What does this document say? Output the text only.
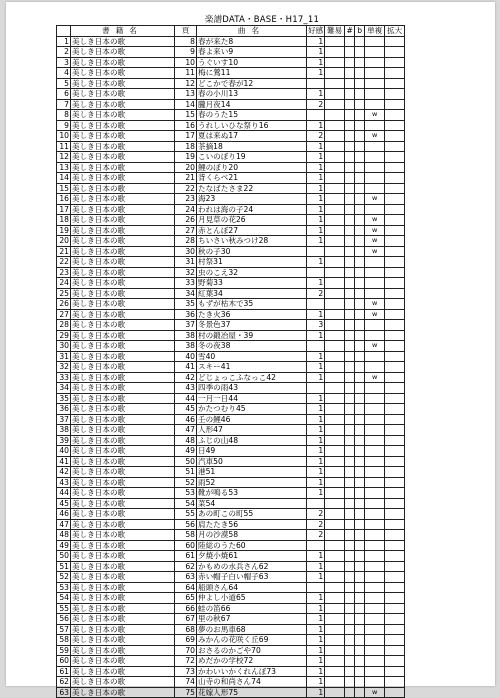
楽譜DATA・BASE・H17_11
	書籍名	頁	曲名	好感	難易	#	b	単複	拡大
1	美しき日本の歌	8	春が来た8	1					
2	美しき日本の歌	9	春よ来い9	1					
3	美しき日本の歌	10	うぐいす10	1					
4	美しき日本の歌	11	梅に鶯11	1					
5	美しき日本の歌	12	どこかで春が12						
6	美しき日本の歌	13	春の小川13	1					
7	美しき日本の歌	14	朧月夜14	2					
8	美しき日本の歌	15	春のうた15					w	
9	美しき日本の歌	16	うれしいひな祭り16	1					
10	美しき日本の歌	17	夏は来ぬ17	2				w	
11	美しき日本の歌	18	茶摘18	1					
12	美しき日本の歌	19	こいのぼり19	1					
13	美しき日本の歌	20	鯉のぼり20	1					
14	美しき日本の歌	21	背くらべ21	1					
15	美しき日本の歌	22	たなばたさま22	1					
16	美しき日本の歌	23	海23	1				w	
17	美しき日本の歌	24	われは海の子24	1					
18	美しき日本の歌	26	月見草の花26	1				w	
19	美しき日本の歌	27	赤とんぼ27	1				w	
20	美しき日本の歌	28	ちいさい秋みつけ28	1				w	
21	美しき日本の歌	30	秋の子30					w	
22	美しき日本の歌	31	村祭31	1					
23	美しき日本の歌	32	虫のこえ32						
24	美しき日本の歌	33	野菊33	1					
25	美しき日本の歌	34	紅葉34	2					
26	美しき日本の歌	35	もずが枯木で35					w	
27	美しき日本の歌	36	たき火36	1				w	
28	美しき日本の歌	37	冬景色37	3					
29	美しき日本の歌	38	村の鍛冶屋・39	1					
30	美しき日本の歌	38	冬の夜38					w	
31	美しき日本の歌	40	雪40	1					
32	美しき日本の歌	41	スキー41	1					
33	美しき日本の歌	42	どじょっこふなっこ42	1				w	
34	美しき日本の歌	43	四季の雨43						
35	美しき日本の歌	44	一月一日44	1					
36	美しき日本の歌	45	かたつむり45	1					
37	美しき日本の歌	46	壬の鯉46	1					
38	美しき日本の歌	47	人形47	1					
39	美しき日本の歌	48	ふじの山48	1					
40	美しき日本の歌	49	日49	1					
41	美しき日本の歌	50	汽車50	1					
42	美しき日本の歌	51	港51	1					
43	美しき日本の歌	52	雨52	1					
44	美しき日本の歌	53	靴が鳴る53	1					
45	美しき日本の歌	54	菜54						
46	美しき日本の歌	55	あの町この町55	2					
47	美しき日本の歌	56	肩たたき56	2					
48	美しき日本の歌	58	月の沙漠58	2					
49	美しき日本の歌	60	陸総のうた60						
50	美しき日本の歌	61	夕焼小焼61	1					
51	美しき日本の歌	62	かもめの水兵さん62	1					
52	美しき日本の歌	63	赤い帽子白い帽子63	1					
53	美しき日本の歌	64	船頭さん64						
54	美しき日本の歌	65	仲よし小道65	1					
55	美しき日本の歌	66	蛙の笛66	1					
56	美しき日本の歌	67	里の秋67	1					
57	美しき日本の歌	68	夢のお馬車68	1					
58	美しき日本の歌	69	みかんの花咲く丘69	1					
59	美しき日本の歌	70	おさるのかごや70	1					
60	美しき日本の歌	72	めだかの学校72	1					
61	美しき日本の歌	73	かわいいかくれんぼ73	1					
62	美しき日本の歌	74	山寺の和尚さん74	1					
63	美しき日本の歌	75	花嫁人形75	1				w	
